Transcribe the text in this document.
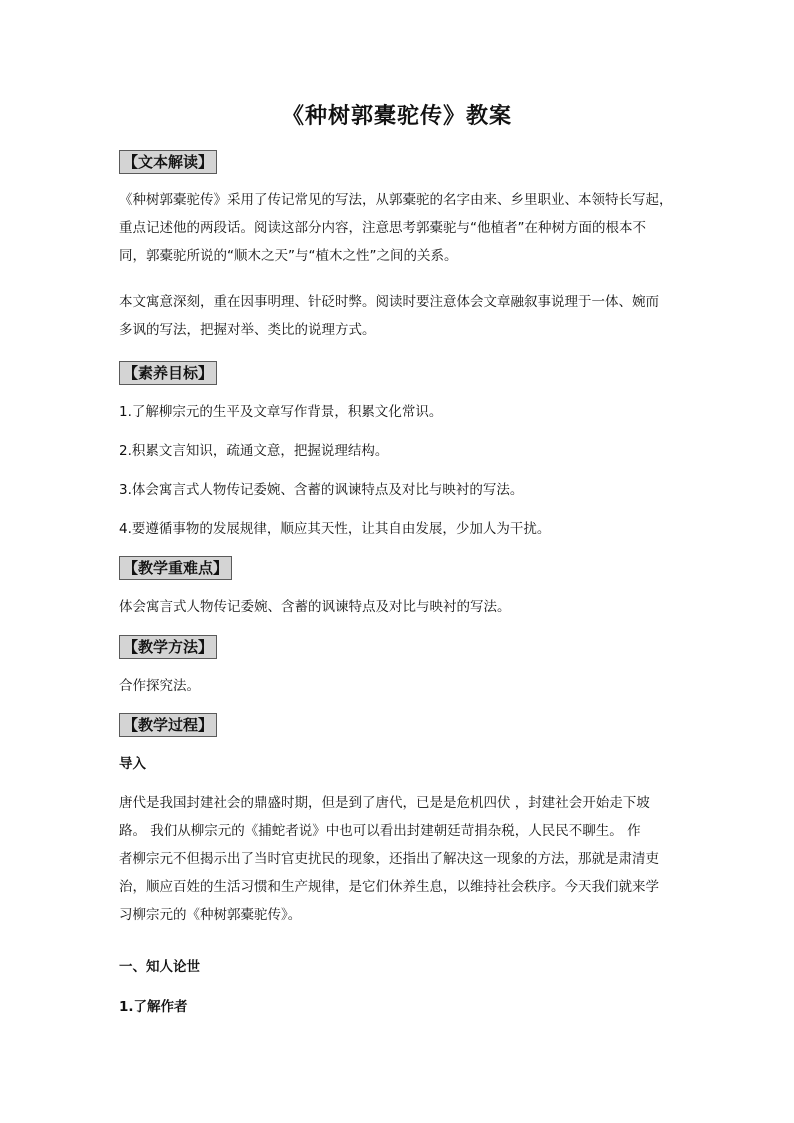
《种树郭橐驼传》教案
【文本解读】
《种树郭橐驼传》采用了传记常见的写法，从郭橐驼的名字由来、乡里职业、本领特长写起，
重点记述他的两段话。阅读这部分内容，注意思考郭橐驼与“他植者”在种树方面的根本不
同，郭橐驼所说的“顺木之天”与“植木之性”之间的关系。
本文寓意深刻，重在因事明理、针砭时弊。阅读时要注意体会文章融叙事说理于一体、婉而
多讽的写法，把握对举、类比的说理方式。
【素养目标】
1.了解柳宗元的生平及文章写作背景，积累文化常识。
2.积累文言知识，疏通文意，把握说理结构。
3.体会寓言式人物传记委婉、含蓄的讽谏特点及对比与映衬的写法。
4.要遵循事物的发展规律，顺应其天性，让其自由发展，少加人为干扰。
【教学重难点】
体会寓言式人物传记委婉、含蓄的讽谏特点及对比与映衬的写法。
【教学方法】
合作探究法。
【教学过程】
导入
唐代是我国封建社会的鼎盛时期，但是到了唐代，已是是危机四伏 ，封建社会开始走下坡
路。 我们从柳宗元的《捕蛇者说》中也可以看出封建朝廷苛捐杂税，人民民不聊生。 作
者柳宗元不但揭示出了当时官吏扰民的现象，还指出了解决这一现象的方法，那就是肃清吏
治，顺应百姓的生活习惯和生产规律，是它们休养生息，以维持社会秩序。今天我们就来学
习柳宗元的《种树郭橐驼传》。
一、知人论世
1.了解作者
